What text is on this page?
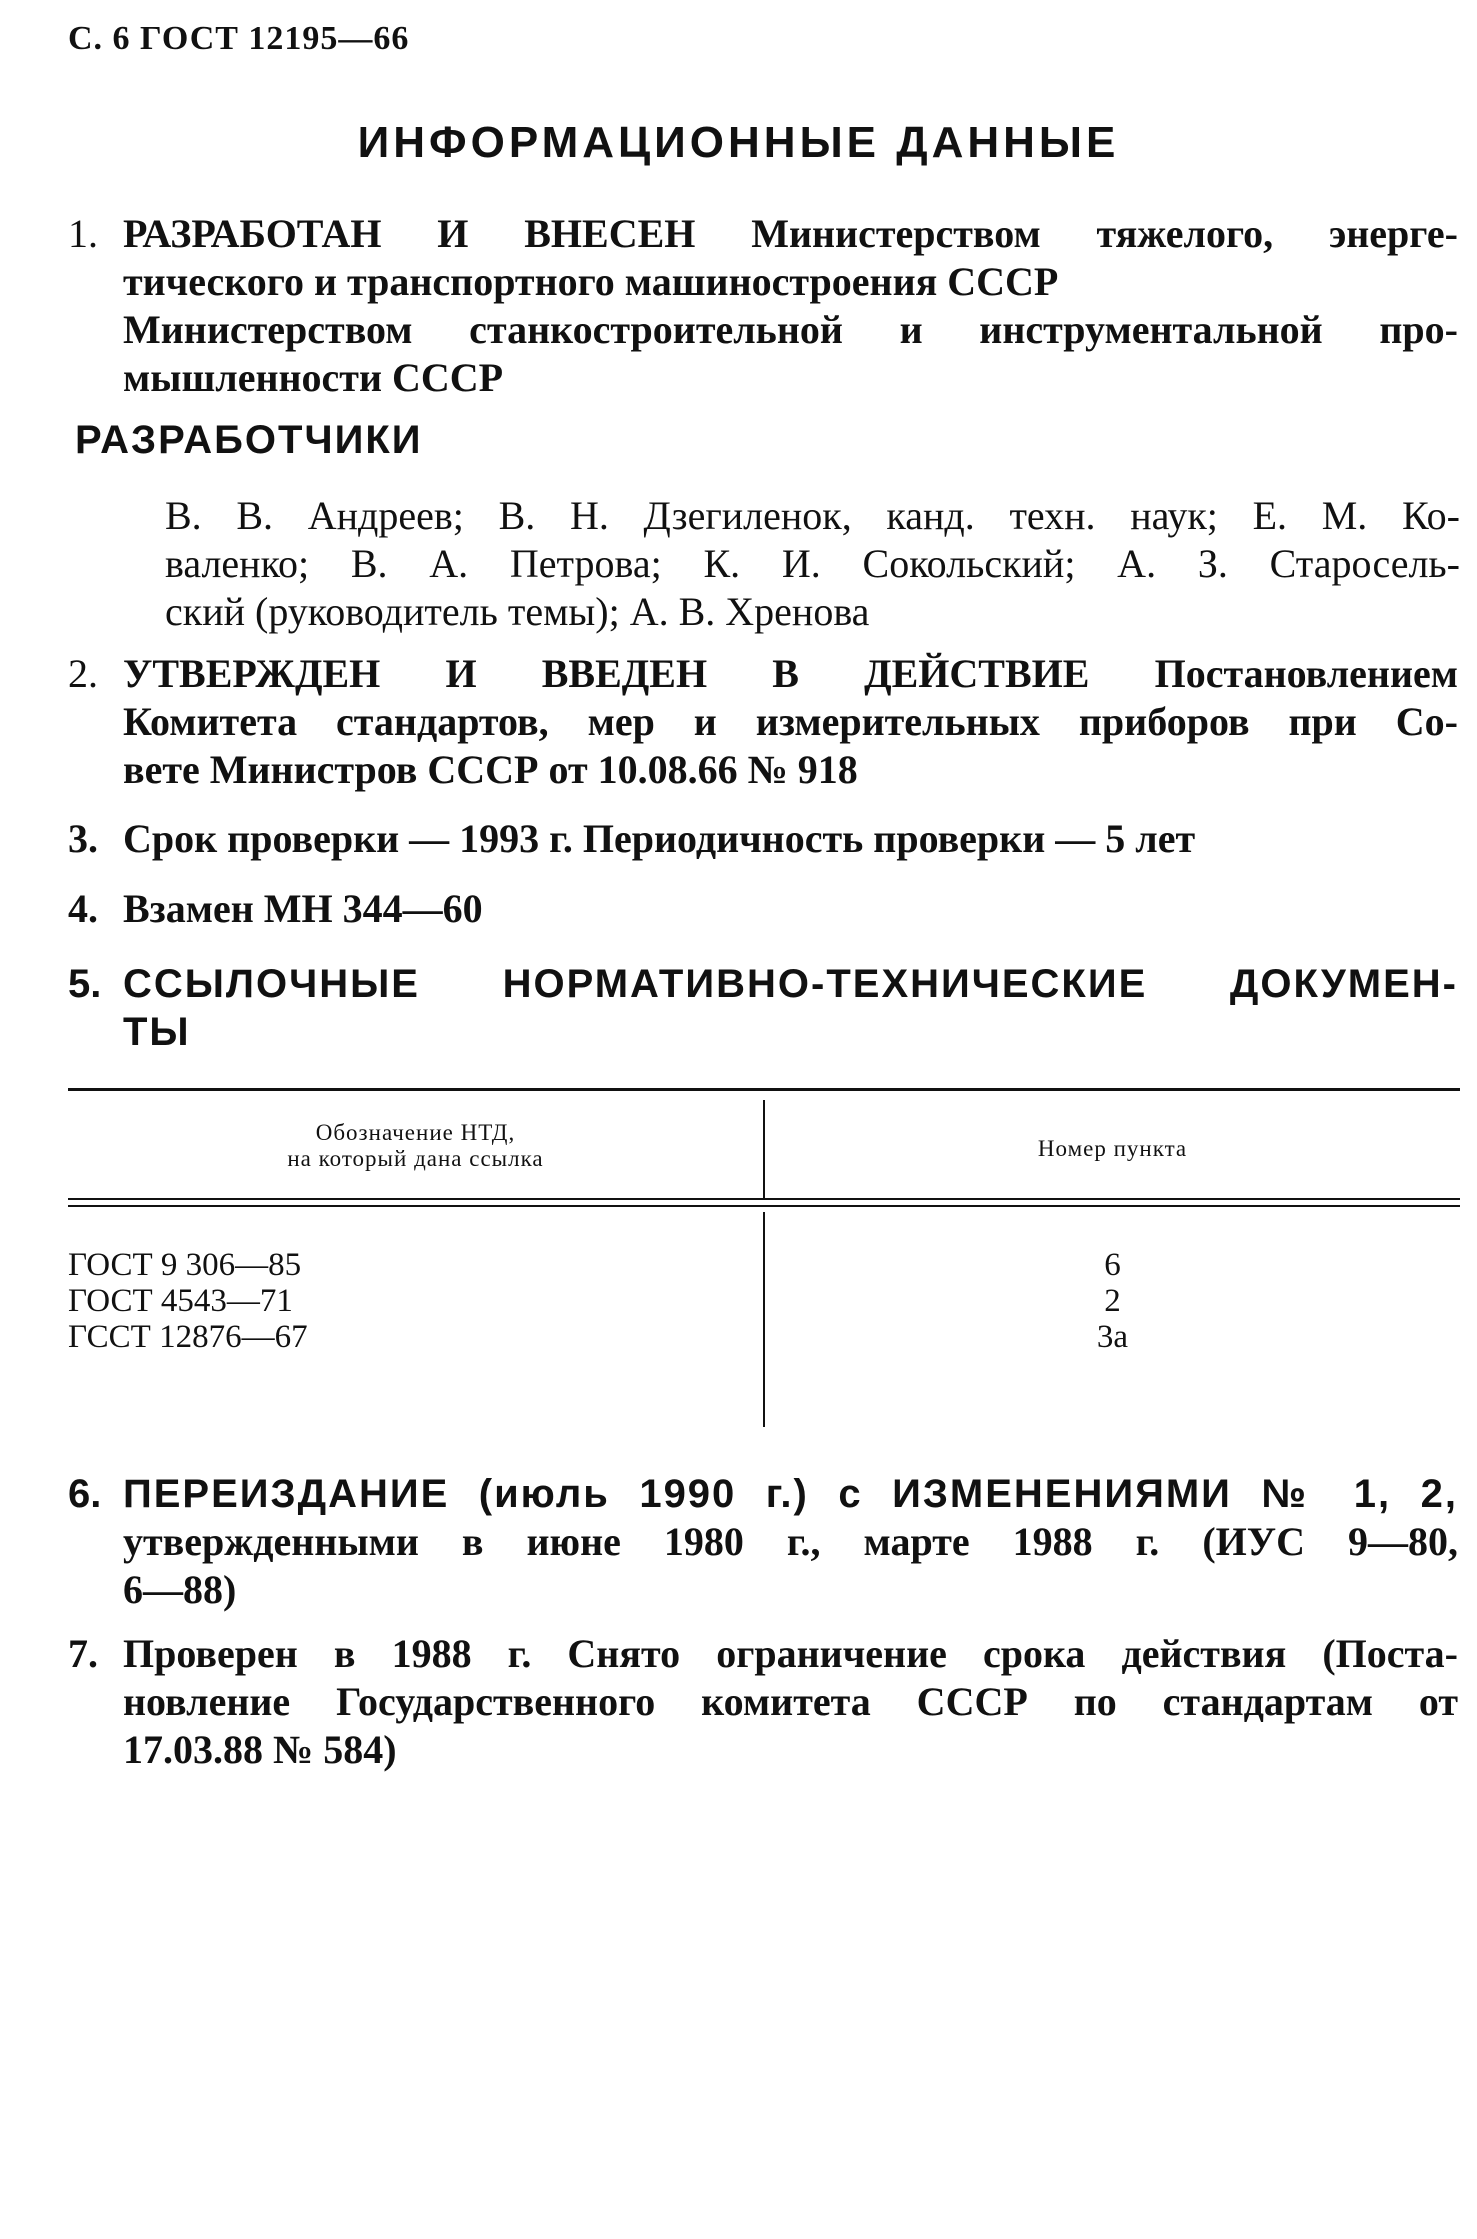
С. 6 ГОСТ 12195—66
ИНФОРМАЦИОННЫЕ ДАННЫЕ
1. РАЗРАБОТАН И ВНЕСЕН Министерством тяжелого, энерге-
тического и транспортного машиностроения СССР
Министерством станкостроительной и инструментальной про-
мышленности СССР
РАЗРАБОТЧИКИ
В. В. Андреев; В. Н. Дзегиленок, канд. техн. наук; Е. М. Ко-
валенко; В. А. Петрова; К. И. Сокольский; А. З. Старосель-
ский (руководитель темы); А. В. Хренова
2. УТВЕРЖДЕН И ВВЕДЕН В ДЕЙСТВИЕ Постановлением
Комитета стандартов, мер и измерительных приборов при Со-
вете Министров СССР от 10.08.66 № 918
3. Срок проверки — 1993 г. Периодичность проверки — 5 лет
4. Взамен МН 344—60
5. ССЫЛОЧНЫЕ НОРМАТИВНО-ТЕХНИЧЕСКИЕ ДОКУМЕН-
ТЫ
Обозначение НТД,
на который дана ссылка	Номер пункта
ГОСТ 9 306—85	6
ГОСТ 4543—71	2
ГССТ 12876—67	3а
6. ПЕРЕИЗДАНИЕ (июль 1990 г.) с ИЗМЕНЕНИЯМИ № 1, 2,
утвержденными в июне 1980 г., марте 1988 г. (ИУС 9—80,
6—88)
7. Проверен в 1988 г. Снято ограничение срока действия (Поста-
новление Государственного комитета СССР по стандартам от
17.03.88 № 584)
